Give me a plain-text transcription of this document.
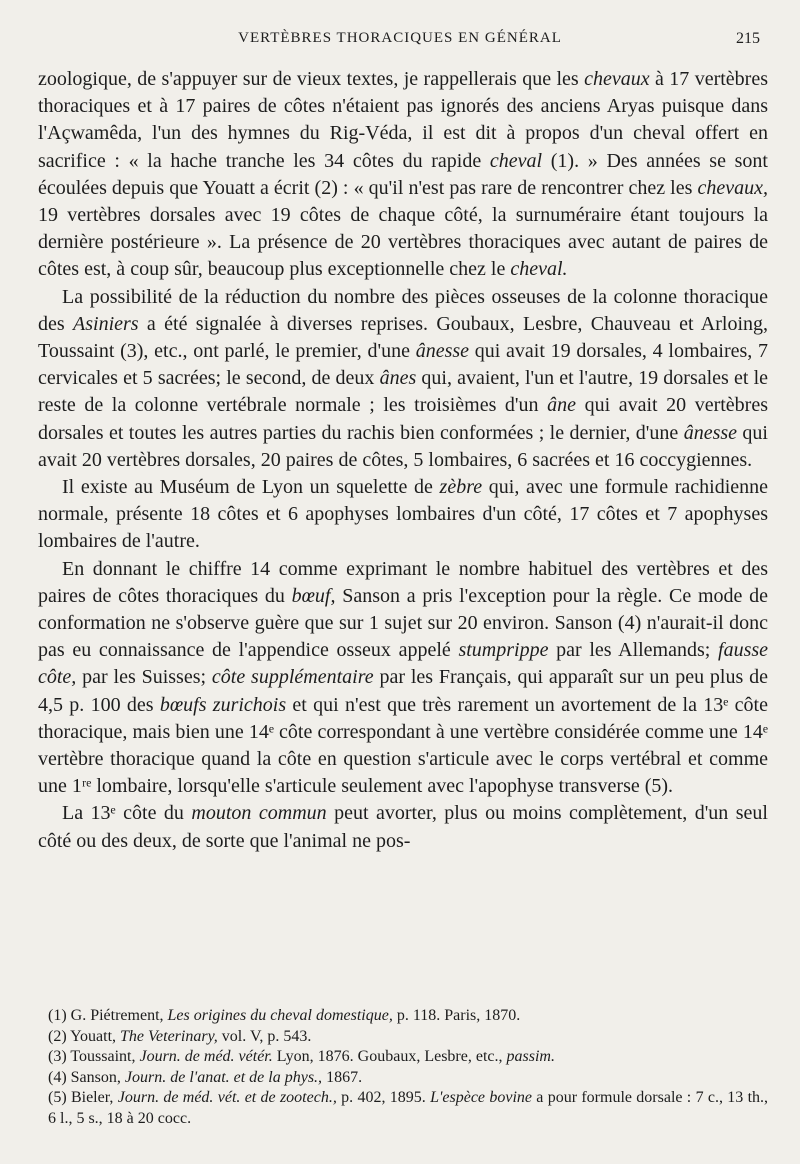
VERTÈBRES THORACIQUES EN GÉNÉRAL	215

zoologique, de s'appuyer sur de vieux textes, je rappellerais que les chevaux à 17 vertèbres thoraciques et à 17 paires de côtes n'étaient pas ignorés des anciens Aryas puisque dans l'Açwamêda, l'un des hymnes du Rig-Véda, il est dit à propos d'un cheval offert en sacrifice : « la hache tranche les 34 côtes du rapide cheval (1). » Des années se sont écoulées depuis que Youatt a écrit (2) : « qu'il n'est pas rare de rencontrer chez les chevaux, 19 vertèbres dorsales avec 19 côtes de chaque côté, la surnuméraire étant toujours la dernière postérieure ». La présence de 20 vertèbres thoraciques avec autant de paires de côtes est, à coup sûr, beaucoup plus exceptionnelle chez le cheval.

La possibilité de la réduction du nombre des pièces osseuses de la colonne thoracique des Asiniers a été signalée à diverses reprises. Goubaux, Lesbre, Chauveau et Arloing, Toussaint (3), etc., ont parlé, le premier, d'une ânesse qui avait 19 dorsales, 4 lombaires, 7 cervicales et 5 sacrées; le second, de deux ânes qui, avaient, l'un et l'autre, 19 dorsales et le reste de la colonne vertébrale normale ; les troisièmes d'un âne qui avait 20 vertèbres dorsales et toutes les autres parties du rachis bien conformées ; le dernier, d'une ânesse qui avait 20 vertèbres dorsales, 20 paires de côtes, 5 lombaires, 6 sacrées et 16 coccygiennes.

Il existe au Muséum de Lyon un squelette de zèbre qui, avec une formule rachidienne normale, présente 18 côtes et 6 apophyses lombaires d'un côté, 17 côtes et 7 apophyses lombaires de l'autre.

En donnant le chiffre 14 comme exprimant le nombre habituel des vertèbres et des paires de côtes thoraciques du bœuf, Sanson a pris l'exception pour la règle. Ce mode de conformation ne s'observe guère que sur 1 sujet sur 20 environ. Sanson (4) n'aurait-il donc pas eu connaissance de l'appendice osseux appelé stumprippe par les Allemands; fausse côte, par les Suisses; côte supplémentaire par les Français, qui apparaît sur un peu plus de 4,5 p. 100 des bœufs zurichois et qui n'est que très rarement un avortement de la 13ᵉ côte thoracique, mais bien une 14ᵉ côte correspondant à une vertèbre considérée comme une 14ᵉ vertèbre thoracique quand la côte en question s'articule avec le corps vertébral et comme une 1ʳᵉ lombaire, lorsqu'elle s'articule seulement avec l'apophyse transverse (5).

La 13ᵉ côte du mouton commun peut avorter, plus ou moins complètement, d'un seul côté ou des deux, de sorte que l'animal ne pos-

(1) G. Piétrement, Les origines du cheval domestique, p. 118. Paris, 1870.

(2) Youatt, The Veterinary, vol. V, p. 543.

(3) Toussaint, Journ. de méd. vétér. Lyon, 1876. Goubaux, Lesbre, etc., passim.

(4) Sanson, Journ. de l'anat. et de la phys., 1867.

(5) Bieler, Journ. de méd. vét. et de zootech., p. 402, 1895. L'espèce bovine a pour formule dorsale : 7 c., 13 th., 6 l., 5 s., 18 à 20 cocc.
